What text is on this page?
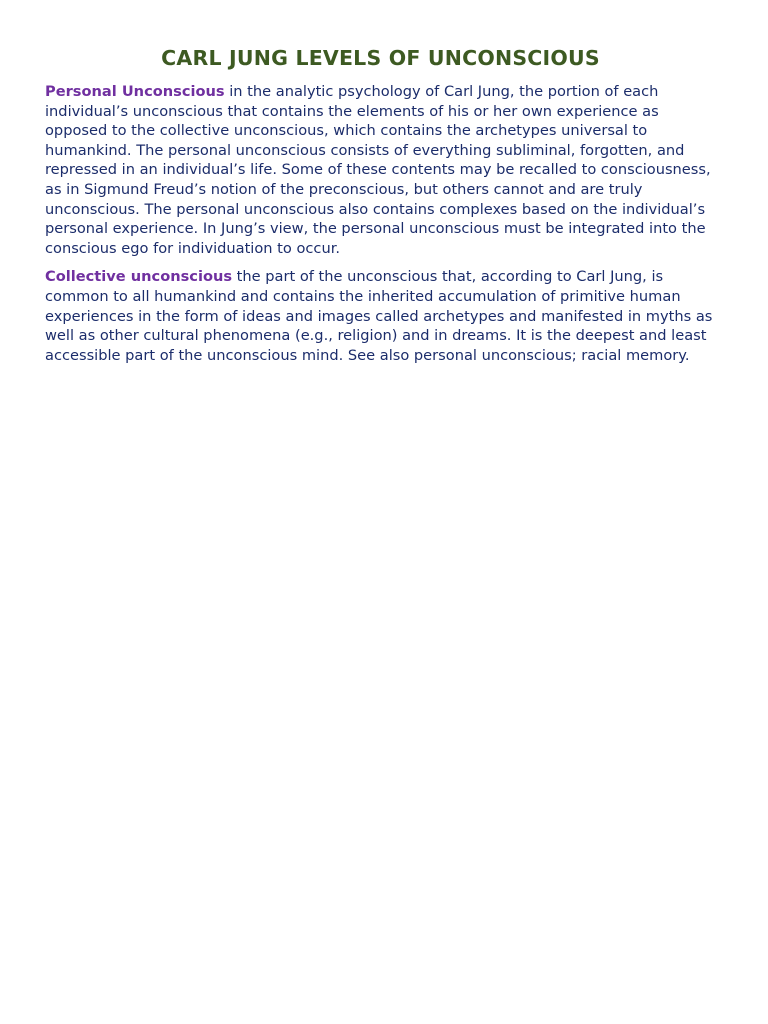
CARL JUNG LEVELS OF UNCONSCIOUS

Personal Unconscious in the analytic psychology of Carl Jung, the portion of each individual’s unconscious that contains the elements of his or her own experience as opposed to the collective unconscious, which contains the archetypes universal to humankind. The personal unconscious consists of everything subliminal, forgotten, and repressed in an individual’s life. Some of these contents may be recalled to consciousness, as in Sigmund Freud’s notion of the preconscious, but others cannot and are truly unconscious. The personal unconscious also contains complexes based on the individual’s personal experience. In Jung’s view, the personal unconscious must be integrated into the conscious ego for individuation to occur.

Collective unconscious the part of the unconscious that, according to Carl Jung, is common to all humankind and contains the inherited accumulation of primitive human experiences in the form of ideas and images called archetypes and manifested in myths as well as other cultural phenomena (e.g., religion) and in dreams. It is the deepest and least accessible part of the unconscious mind. See also personal unconscious; racial memory.
